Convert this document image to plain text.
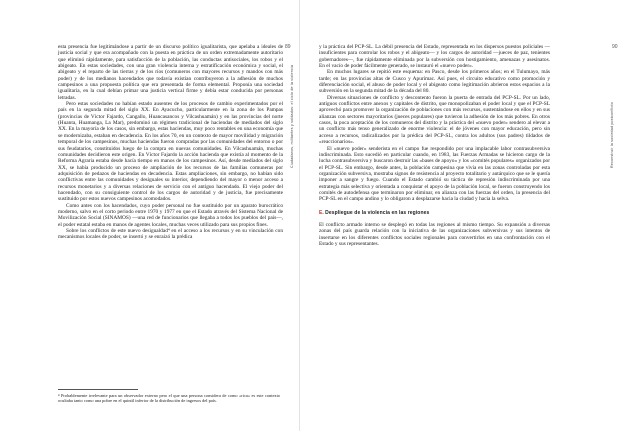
esta presencia fue legitimándose a partir de un discurso político igualitarista, que apelaba a ideales de justicia social y que era acompañado con la puesta en práctica de un orden extremadamente autoritario que eliminó rápidamente, para satisfacción de la población, las conductas antisociales, los robos y el abigeato. En estas sociedades, con una gran violencia interna y estratificación económica y social, el abigeato y el reparto de las tierras y de los ríos (comuneros con mayores recursos y mandos con más poder) y de los medianos hacendados que todavía existían contribuyeron a la adhesión de muchos campesinos a una propuesta política que era presentada de forma elemental. Proponía una sociedad igualitaria, en la cual debían primar una justicia vertical firme y debía estar conducida por personas letradas.

Pero estas sociedades no habían estado ausentes de los procesos de cambio experimentados por el país en la segunda mitad del siglo XX. En Ayacucho, particularmente en la zona de los Pampas (provincias de Víctor Fajardo, Cangallo, Huancasancos y Vilcashuamán) y en las provincias del norte (Huanta, Huamanga, La Mar), predominó un régimen tradicional de haciendas de mediados del siglo XX. En la mayoría de los casos, sin embargo, estas haciendas, muy poco rentables en una economía que se modernizaba, estaban en decadencia. En los años 70, en un contexto de mayor movilidad y migración temporal de los campesinos, muchas haciendas fueron compradas por las comunidades del entorno o por sus feudatarios, constituidos luego de la compra en nuevas comunidades. En Vilcashuamán, muchas comunidades decidieron este origen. En Víctor Fajardo la acción hacienda que existía al momento de la Reforma Agraria estaba desde hacía tiempo en manos de los campesinos. Así, desde mediados del siglo XX, se había producido un proceso de ampliación de los recursos de las familias comuneras por adquisición de pedazos de haciendas en decadencia. Estas ampliaciones, sin embargo, no habían sido conflictivas entre las comunidades y desiguales su interior, dependiendo del mayor o menor acceso a recursos monetarios y a diversas relaciones de servicio con el antiguo hacendado. El viejo poder del hacendado, con su consiguiente control de los cargos de autoridad y de justicia, fue precisamente sustituido por estos nuevos campesinos acomodados.

Como antes con los hacendados, cuyo poder personal no fue sustituido por un aparato burocrático moderno, salvo en el corto periodo entre 1970 y 1977 en que el Estado através del Sistema Nacional de Movilización Social (SINAMOS) —una red de funcionarios que llegaba a todos los pueblos del país—, el poder estatal estaba en manos de agentes locales, muchas veces utilizado para sus propios fines.

Sobre los conflictos de este nuevo desigualdad⁴ en el acceso a los recursos y en su vinculación con mecanismos locales de poder, se insertó y se enraizó la prédica

⁴ Probablemente irrelevante para un observador externo pero el que una persona considera de como «rica» es este contexto ocultaba tanto como una pobre en el quintil inferior de la distribución de ingresos del país.
89
Ciudadanos, militantes y soldados: el ciclo de la violencia
90
Reconstruir la sociedad postconflicto

y la práctica del PCP-SL. La débil presencia del Estado, representada en los dispersos puestos policiales —insuficientes para controlar los robos y el abigeato— y los cargos de autoridad —jueces de paz, tenientes gobernadores—, fue rápidamente eliminada por la subversión con hostigamiento, amenazas y asesinatos. En el vacío de poder fácilmente generado, se instauró el «nuevo poder».

En muchos lugares se repitió este esquema: en Pasco, desde los primeros años; en el Tulumayo, más tarde; en las provincias altas de Cusco y Apurímac. Así pues, el circuito educativo como promoción y diferenciación social, el abuso de poder local y el abigeato como legitimación abrieron estos espacios a la subversión en la segunda mitad de la década del 80.

Diversas situaciones de conflicto y descontento fueron la puerta de entrada del PCP-SL. Por un lado, antiguos conflictos entre anexos y capitales de distrito, que monopolizaban el poder local y que el PCP-SL aprovechó para promover la organización de poblaciones con más recursos, sustentándose en ellos y en sus alianzas con sectores mayoritarios (jueces populares) que tuvieron la adhesión de los más pobres. En otros casos, la poca aceptación de los comuneros del distrito y la práctica del «nuevo poder» sendero al elevar a un conflicto más tenso generalizado de enorme violencia: el de jóvenes con mayor educación, pero sin acceso a recursos, radicalizados por la prédica del PCP-SL, contra los adultos (sus padres) tildados de «reaccionarios».

El «nuevo poder» senderista en el campo fue respondido por una implacable labor contrasubversiva indiscriminada. Esto sucedió en particular cuando, en 1983, las Fuerzas Armadas se hicieron cargo de la lucha contrasubversiva y buscaron destruir las «bases de apoyo» y los «comités populares» organizados por el PCP-SL. Sin embargo, desde antes, la población campesina que vivía en las zonas controladas por esta organización subversiva, mostraba signos de resistencia al proyecto totalitario y autárquico que se le quería imponer a sangre y fuego. Cuando el Estado cambió su táctica de represión indiscriminada por una estrategia más selectiva y orientada a conquistar el apoyo de la población local, se fueron construyendo los comités de autodefensa que terminaron por eliminar, en alianza con las fuerzas del orden, la presencia del PCP-SL en el campo andino y lo obligaron a desplazarse hacia la ciudad y hacia la selva.

E. Despliegue de la violencia en las regiones

El conflicto armado interno se desplegó en todas las regiones al mismo tiempo. Su expansión a diversas zonas del país guarda relación con la iniciativa de las organizaciones subversivas y sus intentos de insertarse en los diferentes conflictos sociales regionales para convertirlos en una confrontación con el Estado y sus representantes.
